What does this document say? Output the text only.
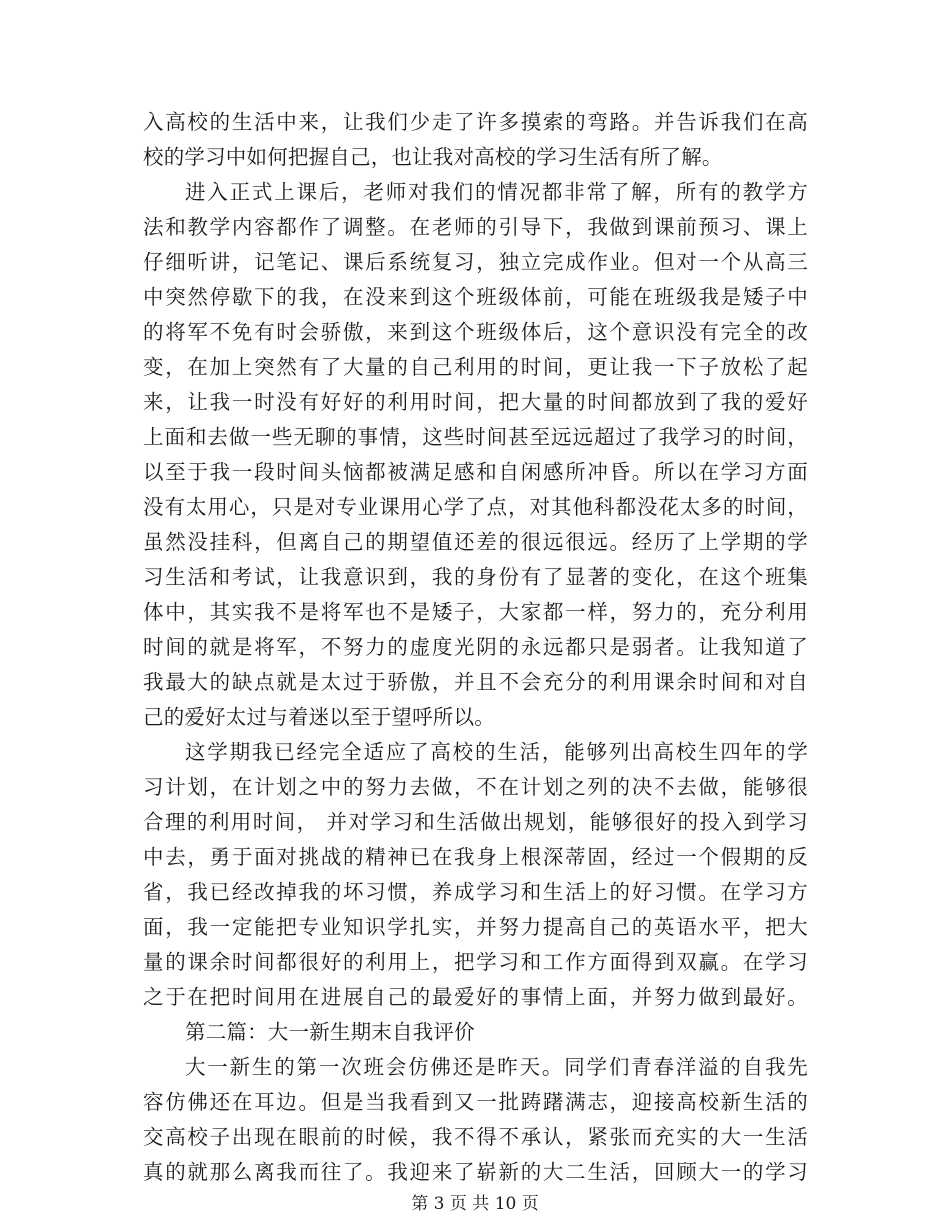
入高校的生活中来，让我们少走了许多摸索的弯路。并告诉我们在高
校的学习中如何把握自己，也让我对高校的学习生活有所了解。
进入正式上课后，老师对我们的情况都非常了解，所有的教学方
法和教学内容都作了调整。在老师的引导下，我做到课前预习、课上
仔细听讲，记笔记、课后系统复习，独立完成作业。但对一个从高三
中突然停歇下的我，在没来到这个班级体前，可能在班级我是矮子中
的将军不免有时会骄傲，来到这个班级体后，这个意识没有完全的改
变，在加上突然有了大量的自己利用的时间，更让我一下子放松了起
来，让我一时没有好好的利用时间，把大量的时间都放到了我的爱好
上面和去做一些无聊的事情，这些时间甚至远远超过了我学习的时间，
以至于我一段时间头恼都被满足感和自闲感所冲昏。所以在学习方面
没有太用心，只是对专业课用心学了点，对其他科都没花太多的时间，
虽然没挂科，但离自己的期望值还差的很远很远。经历了上学期的学
习生活和考试，让我意识到，我的身份有了显著的变化，在这个班集
体中，其实我不是将军也不是矮子，大家都一样，努力的，充分利用
时间的就是将军，不努力的虚度光阴的永远都只是弱者。让我知道了
我最大的缺点就是太过于骄傲，并且不会充分的利用课余时间和对自
己的爱好太过与着迷以至于望呼所以。
这学期我已经完全适应了高校的生活，能够列出高校生四年的学
习计划，在计划之中的努力去做，不在计划之列的决不去做，能够很
合理的利用时间， 并对学习和生活做出规划，能够很好的投入到学习
中去，勇于面对挑战的精神已在我身上根深蒂固，经过一个假期的反
省，我已经改掉我的坏习惯，养成学习和生活上的好习惯。在学习方
面，我一定能把专业知识学扎实，并努力提高自己的英语水平，把大
量的课余时间都很好的利用上，把学习和工作方面得到双赢。在学习
之于在把时间用在进展自己的最爱好的事情上面，并努力做到最好。
第二篇：大一新生期末自我评价
大一新生的第一次班会仿佛还是昨天。同学们青春洋溢的自我先
容仿佛还在耳边。但是当我看到又一批踌躇满志，迎接高校新生活的
交高校子出现在眼前的时候，我不得不承认，紧张而充实的大一生活
真的就那么离我而往了。我迎来了崭新的大二生活，回顾大一的学习
第 3 页 共 10 页
